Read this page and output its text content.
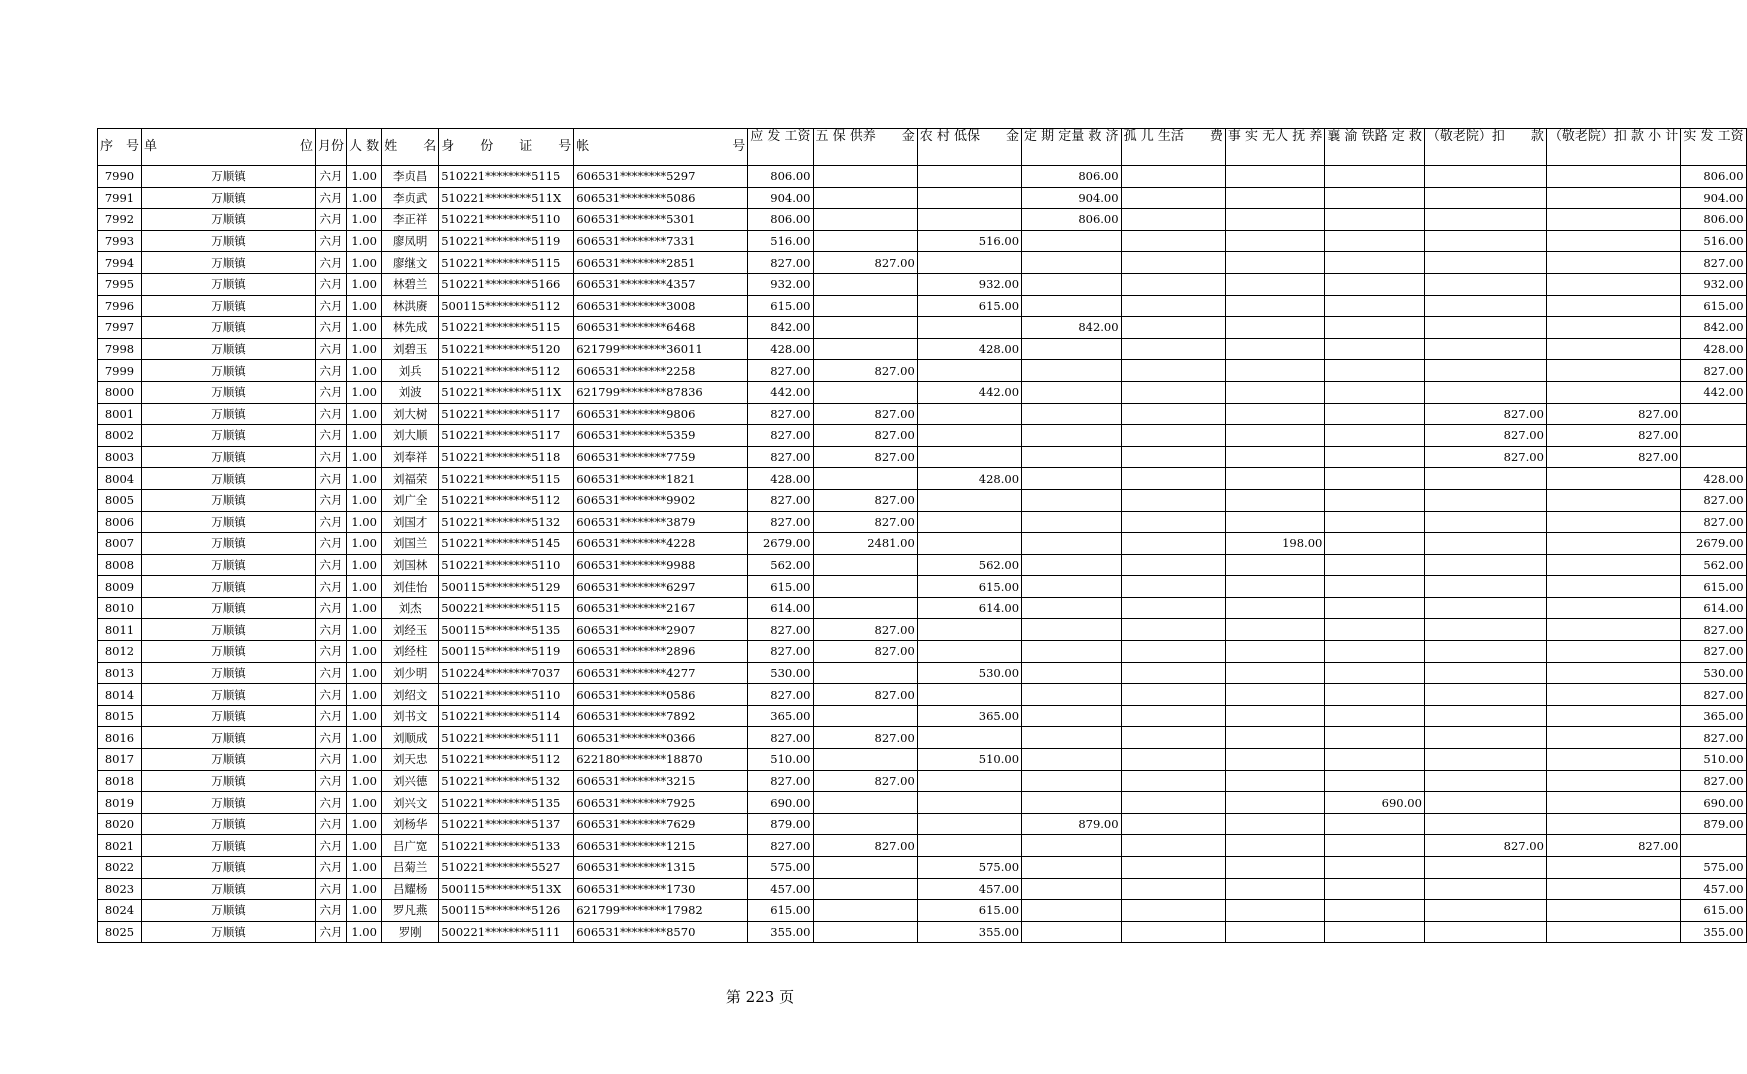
序　号	单　　　　　　　　　　　位	月份	人 数	姓　　名	身　　份　　证　　号	帐　　　　　　　　　　　号	应 发 工资	五 保 供养　　金	农 村 低保　　金	定 期 定量 救 济	孤 儿 生活　　费	事 实 无人 抚 养	襄 渝 铁路 定 救	（敬老院）扣　　款	（敬老院）扣 款 小 计	实 发 工资
7990	万顺镇	六月	1.00	李贞昌	510221********5115	606531********5297	806.00			806.00						806.00
7991	万顺镇	六月	1.00	李贞武	510221********511X	606531********5086	904.00			904.00						904.00
7992	万顺镇	六月	1.00	李正祥	510221********5110	606531********5301	806.00			806.00						806.00
7993	万顺镇	六月	1.00	廖凤明	510221********5119	606531********7331	516.00		516.00							516.00
7994	万顺镇	六月	1.00	廖继文	510221********5115	606531********2851	827.00	827.00								827.00
7995	万顺镇	六月	1.00	林碧兰	510221********5166	606531********4357	932.00		932.00							932.00
7996	万顺镇	六月	1.00	林洪赓	500115********5112	606531********3008	615.00		615.00							615.00
7997	万顺镇	六月	1.00	林先成	510221********5115	606531********6468	842.00			842.00						842.00
7998	万顺镇	六月	1.00	刘碧玉	510221********5120	621799********36011	428.00		428.00							428.00
7999	万顺镇	六月	1.00	刘兵	510221********5112	606531********2258	827.00	827.00								827.00
8000	万顺镇	六月	1.00	刘波	510221********511X	621799********87836	442.00		442.00							442.00
8001	万顺镇	六月	1.00	刘大树	510221********5117	606531********9806	827.00	827.00						827.00	827.00	
8002	万顺镇	六月	1.00	刘大顺	510221********5117	606531********5359	827.00	827.00						827.00	827.00	
8003	万顺镇	六月	1.00	刘奉祥	510221********5118	606531********7759	827.00	827.00						827.00	827.00	
8004	万顺镇	六月	1.00	刘福荣	510221********5115	606531********1821	428.00		428.00							428.00
8005	万顺镇	六月	1.00	刘广全	510221********5112	606531********9902	827.00	827.00								827.00
8006	万顺镇	六月	1.00	刘国才	510221********5132	606531********3879	827.00	827.00								827.00
8007	万顺镇	六月	1.00	刘国兰	510221********5145	606531********4228	2679.00	2481.00				198.00				2679.00
8008	万顺镇	六月	1.00	刘国林	510221********5110	606531********9988	562.00		562.00							562.00
8009	万顺镇	六月	1.00	刘佳怡	500115********5129	606531********6297	615.00		615.00							615.00
8010	万顺镇	六月	1.00	刘杰	500221********5115	606531********2167	614.00		614.00							614.00
8011	万顺镇	六月	1.00	刘经玉	500115********5135	606531********2907	827.00	827.00								827.00
8012	万顺镇	六月	1.00	刘经柱	500115********5119	606531********2896	827.00	827.00								827.00
8013	万顺镇	六月	1.00	刘少明	510224********7037	606531********4277	530.00		530.00							530.00
8014	万顺镇	六月	1.00	刘绍文	510221********5110	606531********0586	827.00	827.00								827.00
8015	万顺镇	六月	1.00	刘书文	510221********5114	606531********7892	365.00		365.00							365.00
8016	万顺镇	六月	1.00	刘顺成	510221********5111	606531********0366	827.00	827.00								827.00
8017	万顺镇	六月	1.00	刘天忠	510221********5112	622180********18870	510.00		510.00							510.00
8018	万顺镇	六月	1.00	刘兴德	510221********5132	606531********3215	827.00	827.00								827.00
8019	万顺镇	六月	1.00	刘兴文	510221********5135	606531********7925	690.00						690.00			690.00
8020	万顺镇	六月	1.00	刘杨华	510221********5137	606531********7629	879.00			879.00						879.00
8021	万顺镇	六月	1.00	吕广宽	510221********5133	606531********1215	827.00	827.00						827.00	827.00	
8022	万顺镇	六月	1.00	吕菊兰	510221********5527	606531********1315	575.00		575.00							575.00
8023	万顺镇	六月	1.00	吕耀杨	500115********513X	606531********1730	457.00		457.00							457.00
8024	万顺镇	六月	1.00	罗凡燕	500115********5126	621799********17982	615.00		615.00							615.00
8025	万顺镇	六月	1.00	罗刚	500221********5111	606531********8570	355.00		355.00							355.00
第 223 页
